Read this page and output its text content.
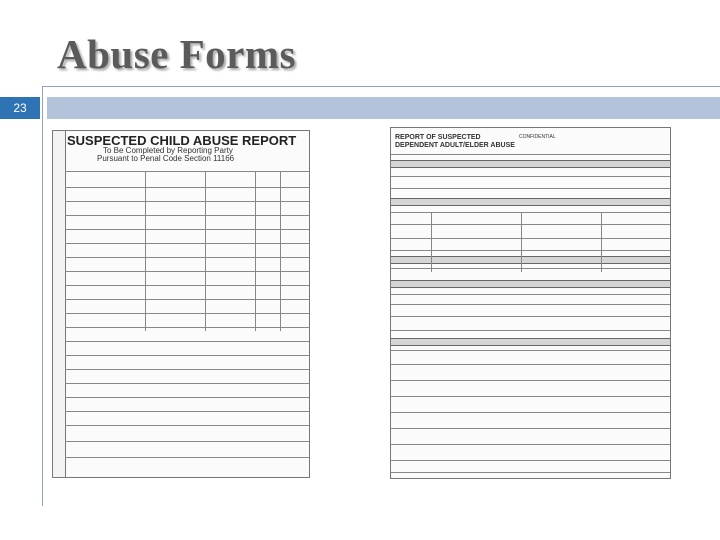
Abuse Forms
23
SUSPECTED CHILD ABUSE REPORT
To Be Completed by Reporting Party
Pursuant to Penal Code Section 11166
REPORT OF SUSPECTED
DEPENDENT ADULT/ELDER ABUSE
CONFIDENTIAL
